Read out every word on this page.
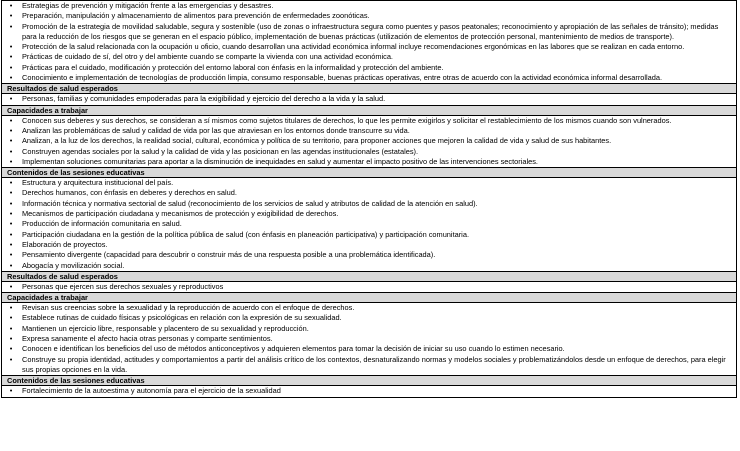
•	Estrategias de prevención y mitigación frente a las emergencias y desastres.
•	Preparación, manipulación y almacenamiento de alimentos para prevención de enfermedades zoonóticas.
•	Promoción de la estrategia de movilidad saludable, segura y sostenible (uso de zonas o infraestructura segura como puentes y pasos peatonales; reconocimiento y apropiación de las señales de tránsito); medidas para la reducción de los riesgos que se generan en el espacio público, implementación de buenas prácticas (utilización de elementos de protección personal, mantenimiento de medios de transporte).
•	Protección de la salud relacionada con la ocupación u oficio, cuando desarrollan una actividad económica informal incluye recomendaciones ergonómicas en las labores que se realizan en cada entorno.
•	Prácticas de cuidado de sí, del otro y del ambiente cuando se comparte la vivienda con una actividad económica.
•	Prácticas para el cuidado, modificación y protección del entorno laboral con énfasis en la informalidad y protección del ambiente.
•	Conocimiento e implementación de tecnologías de producción limpia, consumo responsable, buenas prácticas operativas, entre otras de acuerdo con la actividad económica informal desarrollada.
Resultados de salud esperados
•	Personas, familias y comunidades empoderadas para la exigibilidad y ejercicio del derecho a la vida y la salud.
Capacidades a trabajar
•	Conocen sus deberes y sus derechos, se consideran a sí mismos como sujetos titulares de derechos, lo que les permite exigirlos y solicitar el restablecimiento de los mismos cuando son vulnerados.
•	Analizan las problemáticas de salud y calidad de vida por las que atraviesan en los entornos donde transcurre su vida.
•	Analizan, a la luz de los derechos, la realidad social, cultural, económica y política de su territorio, para proponer acciones que mejoren la calidad de vida y salud de sus habitantes.
•	Construyen agendas sociales por la salud y la calidad de vida y las posicionan en las agendas institucionales (estatales).
•	Implementan soluciones comunitarias para aportar a la disminución de inequidades en salud y aumentar el impacto positivo de las intervenciones sectoriales.
Contenidos de las sesiones educativas
•	Estructura y arquitectura institucional del país.
•	Derechos humanos, con énfasis en deberes y derechos en salud.
•	Información técnica y normativa sectorial de salud (reconocimiento de los servicios de salud y atributos de calidad de la atención en salud).
•	Mecanismos de participación ciudadana y mecanismos de protección y exigibilidad de derechos.
•	Producción de información comunitaria en salud.
•	Participación ciudadana en la gestión de la política pública de salud (con énfasis en planeación participativa) y participación comunitaria.
•	Elaboración de proyectos.
•	Pensamiento divergente (capacidad para descubrir o construir más de una respuesta posible a una problemática identificada).
•	Abogacía y movilización social.
Resultados de salud esperados
•	Personas que ejercen sus derechos sexuales y reproductivos
Capacidades a trabajar
•	Revisan sus creencias sobre la sexualidad y la reproducción de acuerdo con el enfoque de derechos.
•	Establece rutinas de cuidado físicas y psicológicas en relación con la expresión de su sexualidad.
•	Mantienen un ejercicio libre, responsable y placentero de su sexualidad y reproducción.
•	Expresa sanamente el afecto hacia otras personas y comparte sentimientos.
•	Conocen e identifican los beneficios del uso de métodos anticonceptivos y adquieren elementos para tomar la decisión de iniciar su uso cuando lo estimen necesario.
•	Construye su propia identidad, actitudes y comportamientos a partir del análisis crítico de los contextos, desnaturalizando normas y modelos sociales y problematizándolos desde un enfoque de derechos, para elegir sus propias opciones en la vida.
Contenidos de las sesiones educativas
•	Fortalecimiento de la autoestima y autonomía para el ejercicio de la sexualidad
